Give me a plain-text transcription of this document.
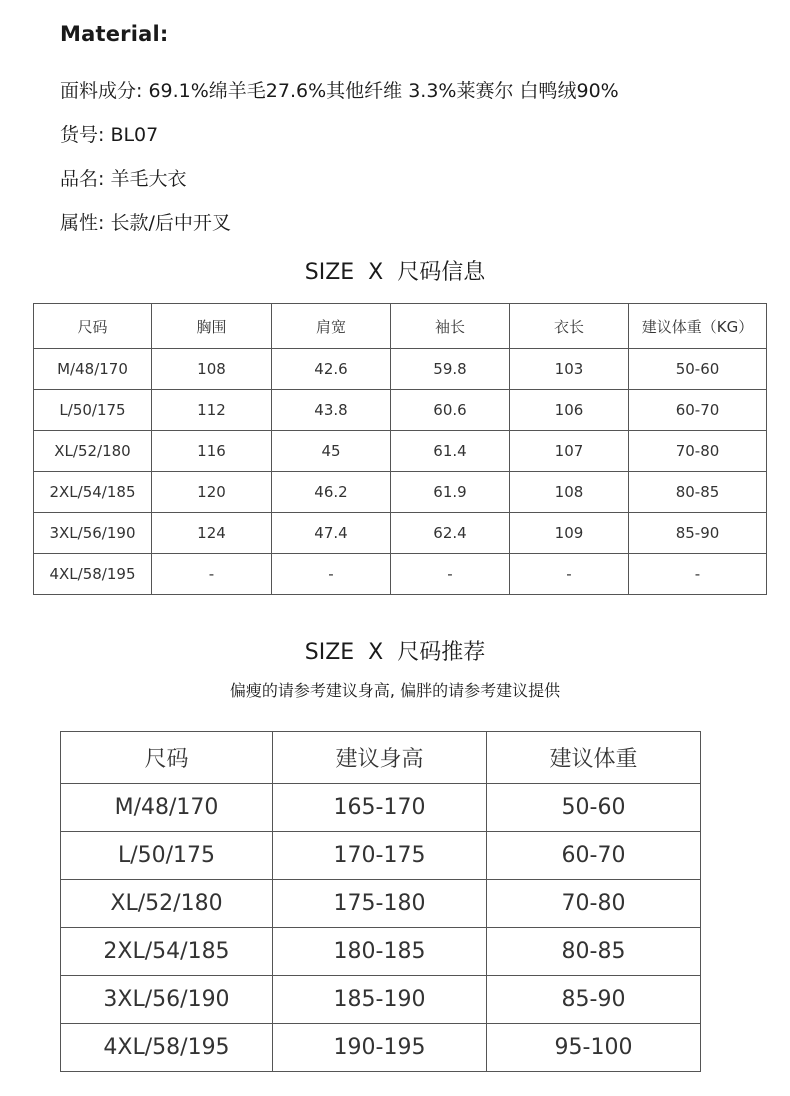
Material:
面料成分: 69.1%绵羊毛27.6%其他纤维 3.3%莱赛尔 白鸭绒90%
货号: BL07
品名: 羊毛大衣
属性: 长款/后中开叉
SIZE X 尺码信息
尺码	胸围	肩宽	袖长	衣长	建议体重（KG）
M/48/170	108	42.6	59.8	103	50-60
L/50/175	112	43.8	60.6	106	60-70
XL/52/180	116	45	61.4	107	70-80
2XL/54/185	120	46.2	61.9	108	80-85
3XL/56/190	124	47.4	62.4	109	85-90
4XL/58/195	-	-	-	-	-
SIZE X 尺码推荐
偏瘦的请参考建议身高, 偏胖的请参考建议提供
尺码	建议身高	建议体重
M/48/170	165-170	50-60
L/50/175	170-175	60-70
XL/52/180	175-180	70-80
2XL/54/185	180-185	80-85
3XL/56/190	185-190	85-90
4XL/58/195	190-195	95-100
